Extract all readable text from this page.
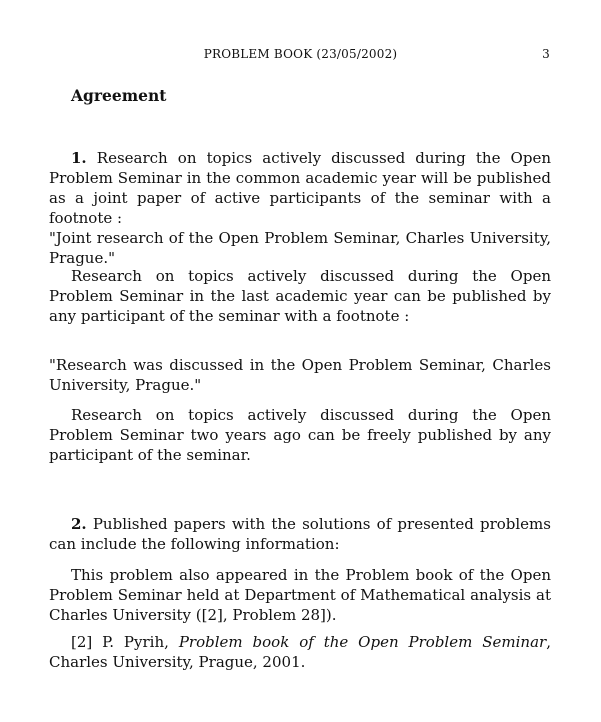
PROBLEM BOOK (23/05/2002)	3
Agreement

1. Research on topics actively discussed during the Open Problem Seminar in the common academic year will be published as a joint paper of active participants of the seminar with a footnote :

"Joint research of the Open Problem Seminar, Charles University, Prague."

Research on topics actively discussed during the Open Problem Seminar in the last academic year can be published by any participant of the seminar with a footnote :

"Research was discussed in the Open Problem Seminar, Charles University, Prague."

Research on topics actively discussed during the Open Problem Seminar two years ago can be freely published by any participant of the seminar.

2. Published papers with the solutions of presented problems can include the following information:

This problem also appeared in the Problem book of the Open Problem Seminar held at Department of Mathematical analysis at Charles University ([2], Problem 28]).

[2] P. Pyrih, Problem book of the Open Problem Seminar, Charles University, Prague, 2001.
